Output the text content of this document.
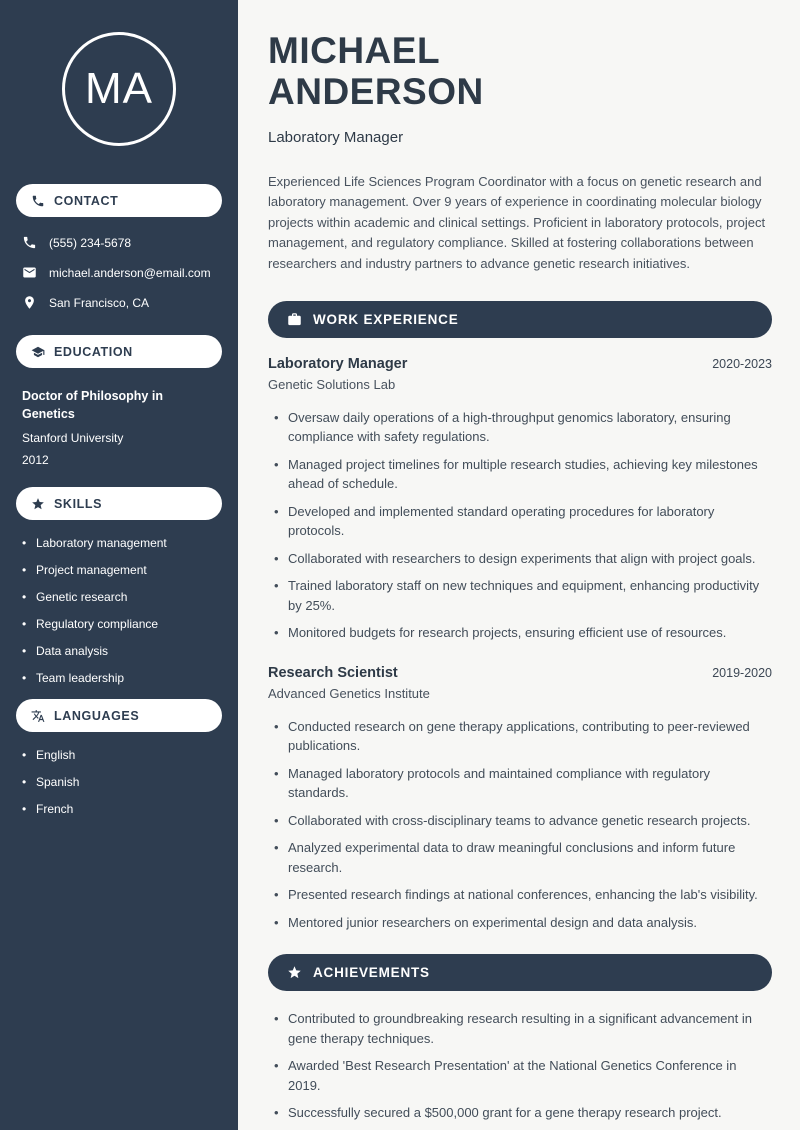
MA
CONTACT
(555) 234-5678
michael.anderson@email.com
San Francisco, CA
EDUCATION
Doctor of Philosophy in Genetics
Stanford University
2012
SKILLS
• Laboratory management
• Project management
• Genetic research
• Regulatory compliance
• Data analysis
• Team leadership
LANGUAGES
• English
• Spanish
• French
MICHAEL
ANDERSON
Laboratory Manager

Experienced Life Sciences Program Coordinator with a focus on genetic research and laboratory management. Over 9 years of experience in coordinating molecular biology projects within academic and clinical settings. Proficient in laboratory protocols, project management, and regulatory compliance. Skilled at fostering collaborations between researchers and industry partners to advance genetic research initiatives.

WORK EXPERIENCE
Laboratory Manager	2020-2023
Genetic Solutions Lab
• Oversaw daily operations of a high-throughput genomics laboratory, ensuring compliance with safety regulations.
• Managed project timelines for multiple research studies, achieving key milestones ahead of schedule.
• Developed and implemented standard operating procedures for laboratory protocols.
• Collaborated with researchers to design experiments that align with project goals.
• Trained laboratory staff on new techniques and equipment, enhancing productivity by 25%.
• Monitored budgets for research projects, ensuring efficient use of resources.
Research Scientist	2019-2020
Advanced Genetics Institute
• Conducted research on gene therapy applications, contributing to peer-reviewed publications.
• Managed laboratory protocols and maintained compliance with regulatory standards.
• Collaborated with cross-disciplinary teams to advance genetic research projects.
• Analyzed experimental data to draw meaningful conclusions and inform future research.
• Presented research findings at national conferences, enhancing the lab's visibility.
• Mentored junior researchers on experimental design and data analysis.
ACHIEVEMENTS
• Contributed to groundbreaking research resulting in a significant advancement in gene therapy techniques.
• Awarded 'Best Research Presentation' at the National Genetics Conference in 2019.
• Successfully secured a $500,000 grant for a gene therapy research project.
